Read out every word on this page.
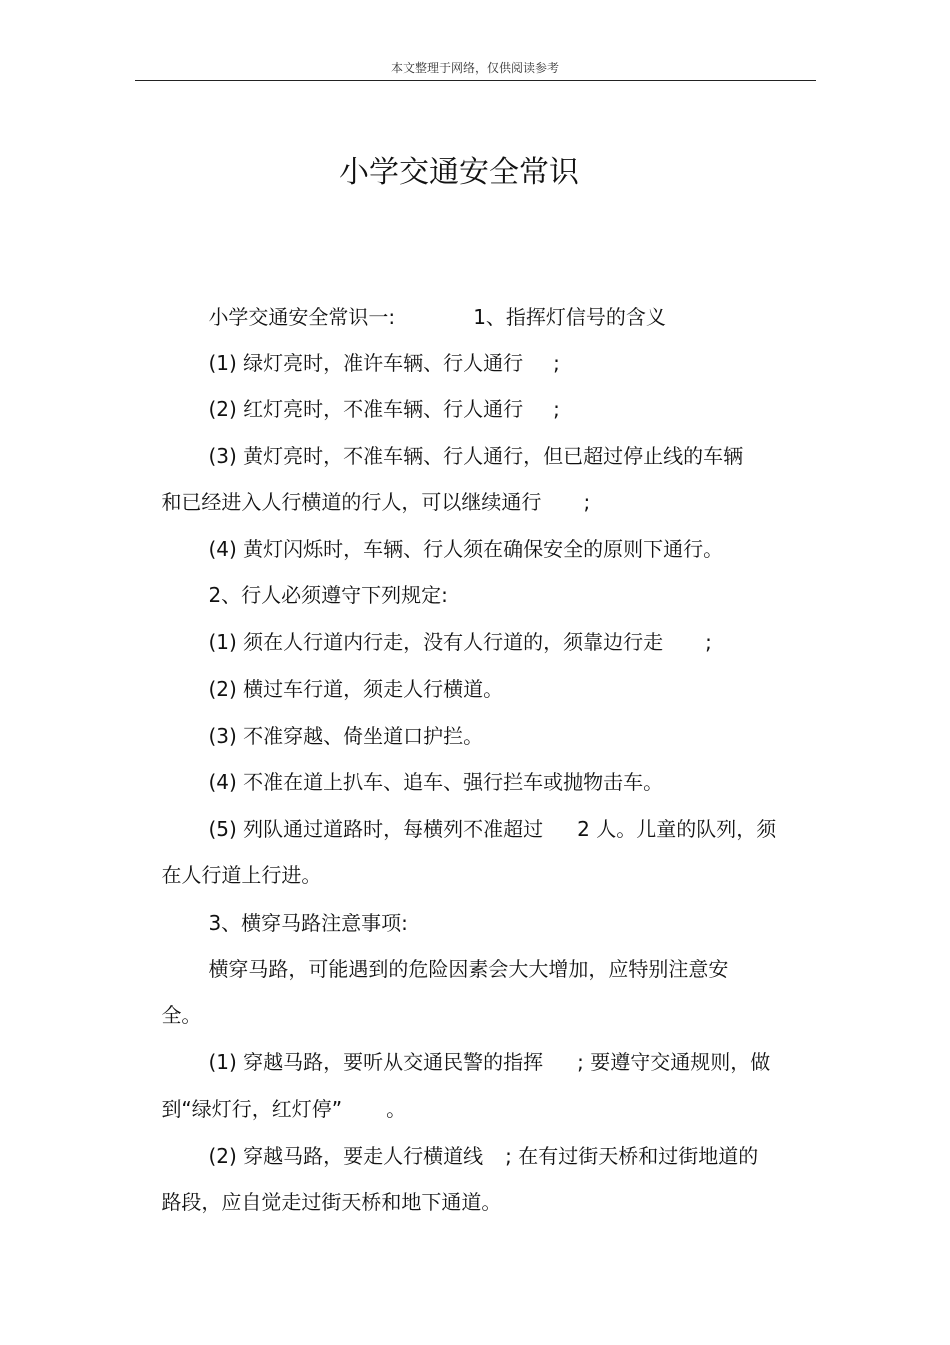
本文整理于网络，仅供阅读参考
小学交通安全常识

小学交通安全常识一:	1、指挥灯信号的含义

(1) 绿灯亮时，准许车辆、行人通行 ;

(2) 红灯亮时，不准车辆、行人通行 ;

(3) 黄灯亮时，不准车辆、行人通行，但已超过停止线的车辆

和已经进入人行横道的行人，可以继续通行 ;

(4) 黄灯闪烁时，车辆、行人须在确保安全的原则下通行。

2、行人必须遵守下列规定:

(1) 须在人行道内行走，没有人行道的，须靠边行走 ;

(2) 横过车行道，须走人行横道。

(3) 不准穿越、倚坐道口护拦。

(4) 不准在道上扒车、追车、强行拦车或抛物击车。

(5) 列队通过道路时，每横列不准超过 2 人。儿童的队列，须

在人行道上行进。

3、横穿马路注意事项:

横穿马路，可能遇到的危险因素会大大增加，应特别注意安

全。

(1) 穿越马路，要听从交通民警的指挥 ; 要遵守交通规则，做

到“绿灯行，红灯停” 。

(2) 穿越马路，要走人行横道线 ; 在有过街天桥和过街地道的

路段，应自觉走过街天桥和地下通道。
